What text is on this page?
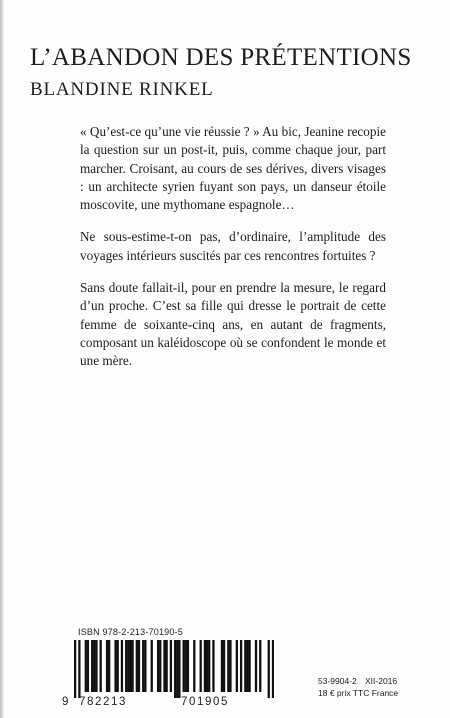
L’ABANDON DES PRÉTENTIONS
BLANDINE RINKEL

« Qu’est-ce qu’une vie réussie ? » Au bic, Jeanine recopie la question sur un post-it, puis, comme chaque jour, part marcher. Croisant, au cours de ses dérives, divers visages : un architecte syrien fuyant son pays, un danseur étoile moscovite, une mythomane espagnole…

Ne sous-estime-t-on pas, d’ordinaire, l’amplitude des voyages intérieurs suscités par ces rencontres fortuites ?

Sans doute fallait-il, pour en prendre la mesure, le regard d’un proche. C’est sa fille qui dresse le portrait de cette femme de soixante-cinq ans, en autant de fragments, composant un kaléidoscope où se confondent le monde et une mère.

ISBN 978-2-213-70190-5
9 782213	701905
53-9904-2 XII-2016
18 € prix TTC France
